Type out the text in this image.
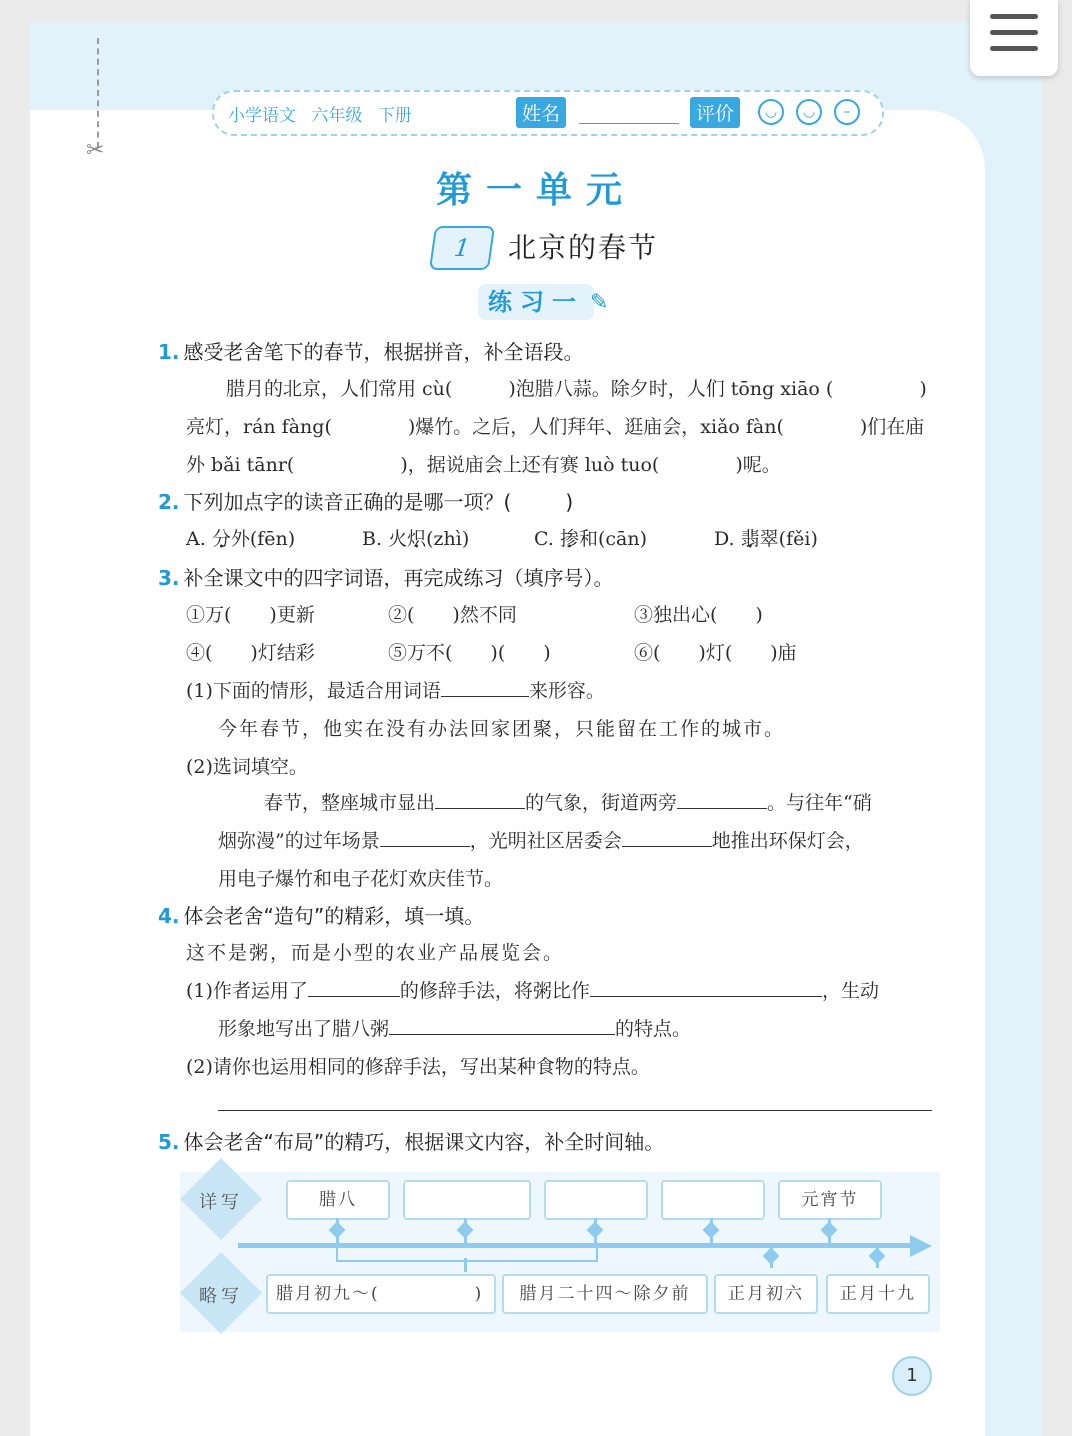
✂
小学语文 六年级 下册	姓名	评价	◡	◡	–
第一单元
1	北京的春节
练习一 ✎
1. 感受老舍笔下的春节，根据拼音，补全语段。
腊月的北京，人们常用 cù(	)泡腊八蒜。除夕时，人们 tōng xiāo (	)
亮灯，rán fàng(	)爆竹。之后，人们拜年、逛庙会，xiǎo fàn(	)们在庙
外 bǎi tānr(	)，据说庙会上还有赛 luò tuo(	)呢。
2. 下列加点字的读音正确的是哪一项？(	)
A. 分外(fēn)	B. 火炽(zhì)	C. 掺和(cān)	D. 翡翠(fěi)
3. 补全课文中的四字词语，再完成练习（填序号）。
①万(　　)更新	②(　　)然不同	③独出心(　　)
④(　　)灯结彩	⑤万不(　　)(　　)	⑥(　　)灯(　　)庙
(1)下面的情形，最适合用词语	来形容。
今年春节，他实在没有办法回家团聚，只能留在工作的城市。
(2)选词填空。
春节，整座城市显出	的气象，街道两旁	。与往年“硝
烟弥漫”的过年场景	，光明社区居委会	地推出环保灯会，
用电子爆竹和电子花灯欢庆佳节。
4. 体会老舍“造句”的精彩，填一填。
这不是粥，而是小型的农业产品展览会。
(1)作者运用了	的修辞手法，将粥比作	，生动
形象地写出了腊八粥	的特点。
(2)请你也运用相同的修辞手法，写出某种食物的特点。
5. 体会老舍“布局”的精巧，根据课文内容，补全时间轴。
详写
略写
腊八	元宵节
腊月初九～(　　　　　)	腊月二十四～除夕前	正月初六	正月十九
1
